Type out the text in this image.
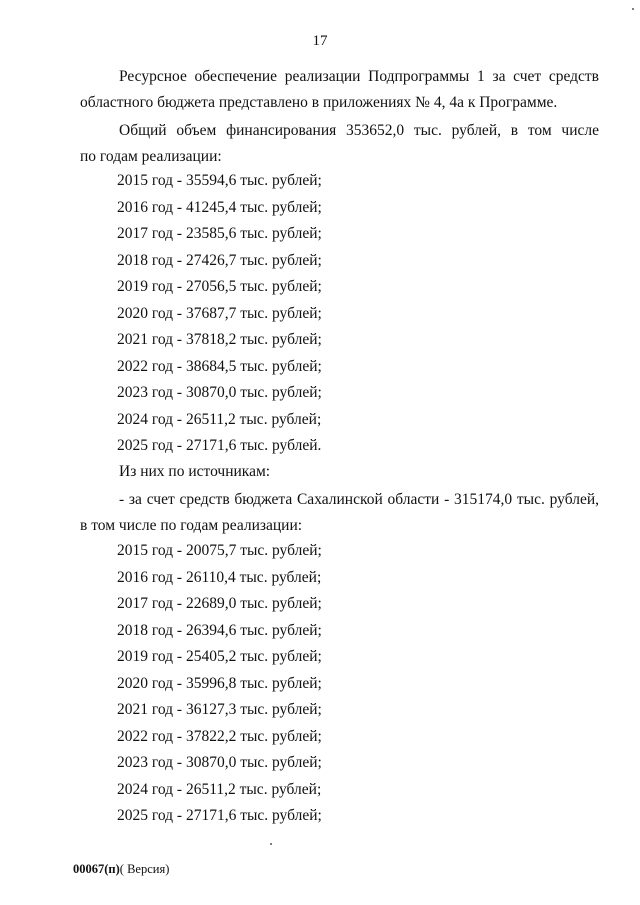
17
Ресурсное обеспечение реализации Подпрограммы 1 за счет средств
областного бюджета представлено в приложениях № 4, 4а к Программе.
Общий объем финансирования 353652,0 тыс. рублей, в том числе
по годам реализации:
2015 год - 35594,6 тыс. рублей;
2016 год - 41245,4 тыс. рублей;
2017 год - 23585,6 тыс. рублей;
2018 год - 27426,7 тыс. рублей;
2019 год - 27056,5 тыс. рублей;
2020 год - 37687,7 тыс. рублей;
2021 год - 37818,2 тыс. рублей;
2022 год - 38684,5 тыс. рублей;
2023 год - 30870,0 тыс. рублей;
2024 год - 26511,2 тыс. рублей;
2025 год - 27171,6 тыс. рублей.
Из них по источникам:
- за счет средств бюджета Сахалинской области - 315174,0 тыс. рублей,
в том числе по годам реализации:
2015 год - 20075,7 тыс. рублей;
2016 год - 26110,4 тыс. рублей;
2017 год - 22689,0 тыс. рублей;
2018 год - 26394,6 тыс. рублей;
2019 год - 25405,2 тыс. рублей;
2020 год - 35996,8 тыс. рублей;
2021 год - 36127,3 тыс. рублей;
2022 год - 37822,2 тыс. рублей;
2023 год - 30870,0 тыс. рублей;
2024 год - 26511,2 тыс. рублей;
2025 год - 27171,6 тыс. рублей;
00067(п)( Версия)
